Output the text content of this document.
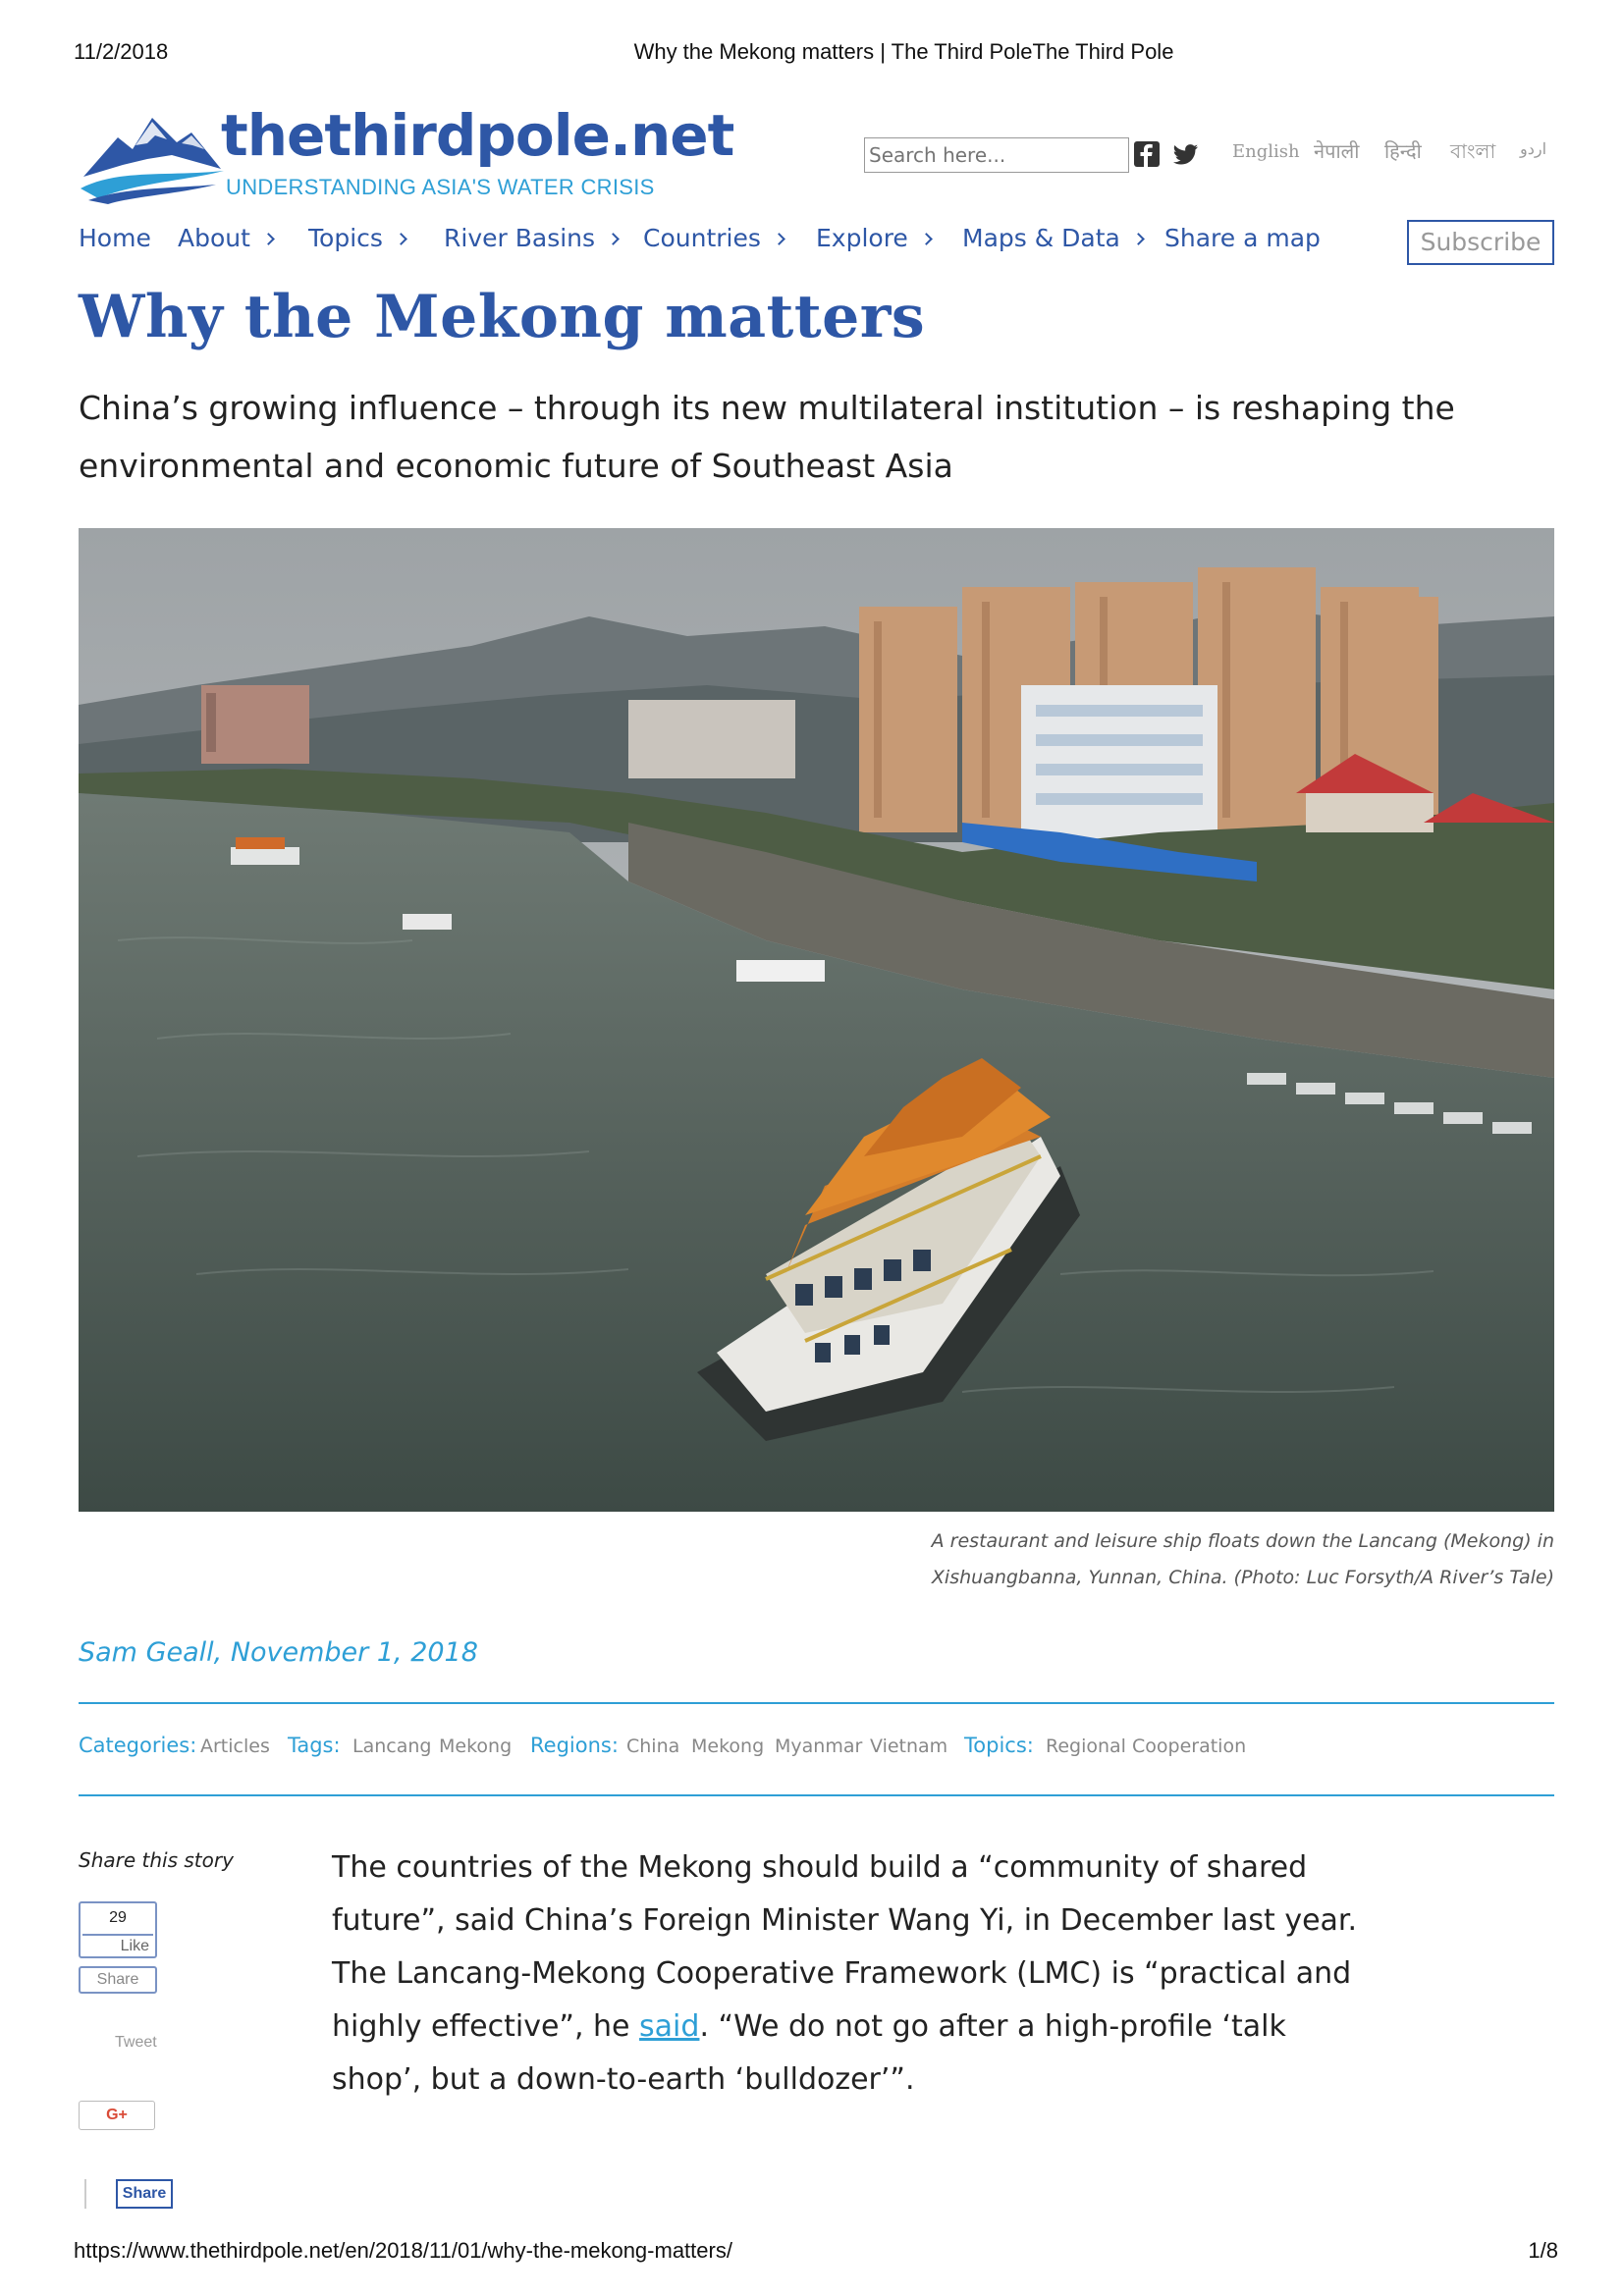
11/2/2018	Why the Mekong matters | The Third PoleThe Third Pole
thethirdpole.net
UNDERSTANDING ASIA'S WATER CRISIS
Search here...
English नेपाली हिन्दी বাংলা اردو
Home About	Topics	River Basins	Countries	Explore	Maps & Data	Share a map	Subscribe
Why the Mekong matters

China’s growing influence – through its new multilateral institution – is reshaping the environmental and economic future of Southeast Asia

A restaurant and leisure ship floats down the Lancang (Mekong) in
Xishuangbanna, Yunnan, China. (Photo: Luc Forsyth/A River’s Tale)
Sam Geall, November 1, 2018
Categories: Articles Tags: Lancang Mekong Regions: China Mekong Myanmar Vietnam Topics: Regional Cooperation
Share this story
29
Like
Share
Tweet
G+
Share
The countries of the Mekong should build a “community of shared future”, said China’s Foreign Minister Wang Yi, in December last year. The Lancang-Mekong Cooperative Framework (LMC) is “practical and highly effective”, he said. “We do not go after a high-profile ‘talk shop’, but a down-to-earth ‘bulldozer’”.
https://www.thethirdpole.net/en/2018/11/01/why-the-mekong-matters/	1/8
